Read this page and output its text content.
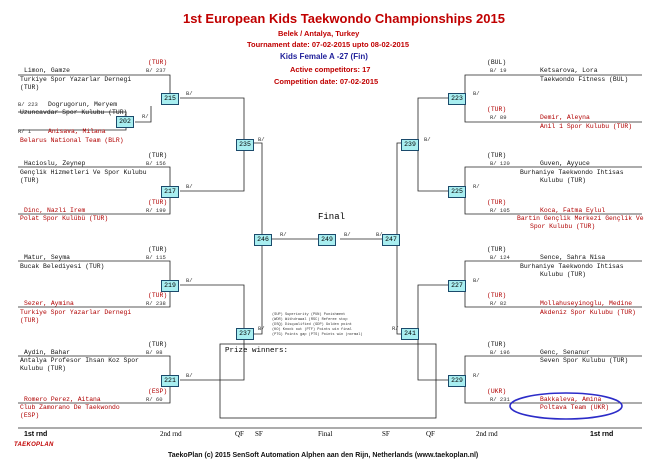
1st European Kids Taekwondo Championships 2015
Belek / Antalya, Turkey
Tournament date: 07-02-2015 upto 08-02-2015
Kids Female A -27 (Fin)
Active competitors: 17
Competition date: 07-02-2015
(TUR)
B/ 237
Limon, Gamze
Turkiye Spor Yazarlar Dernegi
(TUR)
B/ 223 Dogrugorun, Meryem
Uzuncavdar Spor Kulubu (TUR)
R/ 1	Anisava, Milana
Belarus National Team (BLR)
(TUR)
B/ 156
Hacioslu, Zeynep
Gençlik Hizmetleri Ve Spor Kulubu
(TUR)
(TUR)
R/ 199
Dinc, Nazli Irem
Polat Spor Kulübü (TUR)
(TUR)
B/ 115
Matur, Seyma
Bucak Belediyesi (TUR)
(TUR)
R/ 238
Sezer, Aymina
Turkiye Spor Yazarlar Dernegi
(TUR)
(TUR)
B/ 98
Aydin, Bahar
Antalya Profesor Ihsan Koz Spor
Kulubu (TUR)
(ESP)
R/ 60
Romero Perez, Aitana
Club Zamorano De Taekwondo
(ESP)
(BUL)
B/ 19	Ketsarova, Lora
Taekwondo Fitness (BUL)
(TUR)
R/ 89	Demir, Aleyna
Anil 1 Spor Kulubu (TUR)
(TUR)
B/ 120	Guven, Ayyuce
Burhaniye Taekwondo Ihtisas
Kulubu (TUR)
(TUR)
R/ 105	Koca, Fatma Eylul
Bartin Gençlik Merkezi Gençlik Ve
Spor Kulubu (TUR)
(TUR)
B/ 124	Sence, Sahra Nisa
Burhaniye Taekwondo Ihtisas
Kulubu (TUR)
(TUR)
R/ 82	Mollahuseyinoglu, Medine
Akdeniz Spor Kulubu (TUR)
(TUR)
B/ 196	Genc, Senanur
Seven Spor Kulubu (TUR)
(UKR)
R/ 231	Bakkaleva, Amina
Poltava Team (UKR)
202
215
217
219
221
235
237
246	249	247
239
241
223
225
227
229
R/
B/
B/
B/
B/
B/
B/
R/	B/	B/
B/
R/
B/
R/
B/
R/
Final
(SUP) Superiority (PUN) Punishment
(WDR) Withdrawal (RSC) Referee stop
(DSQ) Disqualified (GDP) Golden point
(KO) Knock out (PTF) Points win final
(PTG) Points gap (PTS) Points win (normal)
Prize winners:
1st rnd	2nd rnd	QF SF	Final	SF	QF	2nd rnd	1st rnd
TAEKOPLAN
TaekoPlan (c) 2015 SenSoft Automation Alphen aan den Rijn, Netherlands (www.taekoplan.nl)
